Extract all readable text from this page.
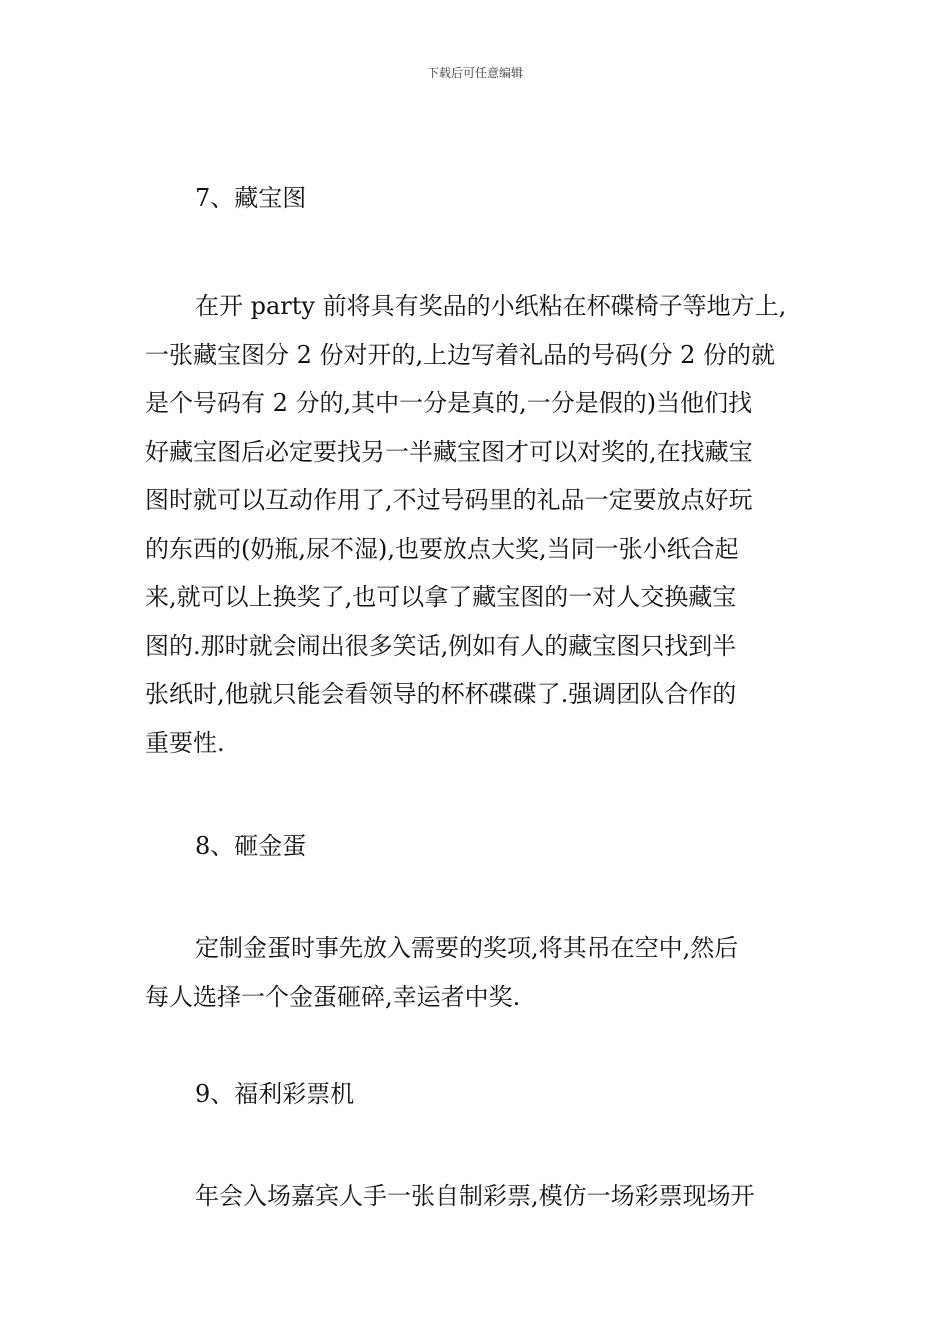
下载后可任意编辑
7、藏宝图
在开 party 前将具有奖品的小纸粘在杯碟椅子等地方上,
一张藏宝图分 2 份对开的,上边写着礼品的号码(分 2 份的就
是个号码有 2 分的,其中一分是真的,一分是假的)当他们找
好藏宝图后必定要找另一半藏宝图才可以对奖的,在找藏宝
图时就可以互动作用了,不过号码里的礼品一定要放点好玩
的东西的(奶瓶,尿不湿),也要放点大奖,当同一张小纸合起
来,就可以上换奖了,也可以拿了藏宝图的一对人交换藏宝
图的.那时就会闹出很多笑话,例如有人的藏宝图只找到半
张纸时,他就只能会看领导的杯杯碟碟了.强调团队合作的
重要性.
8、砸金蛋
定制金蛋时事先放入需要的奖项,将其吊在空中,然后
每人选择一个金蛋砸碎,幸运者中奖.
9、福利彩票机
年会入场嘉宾人手一张自制彩票,模仿一场彩票现场开
